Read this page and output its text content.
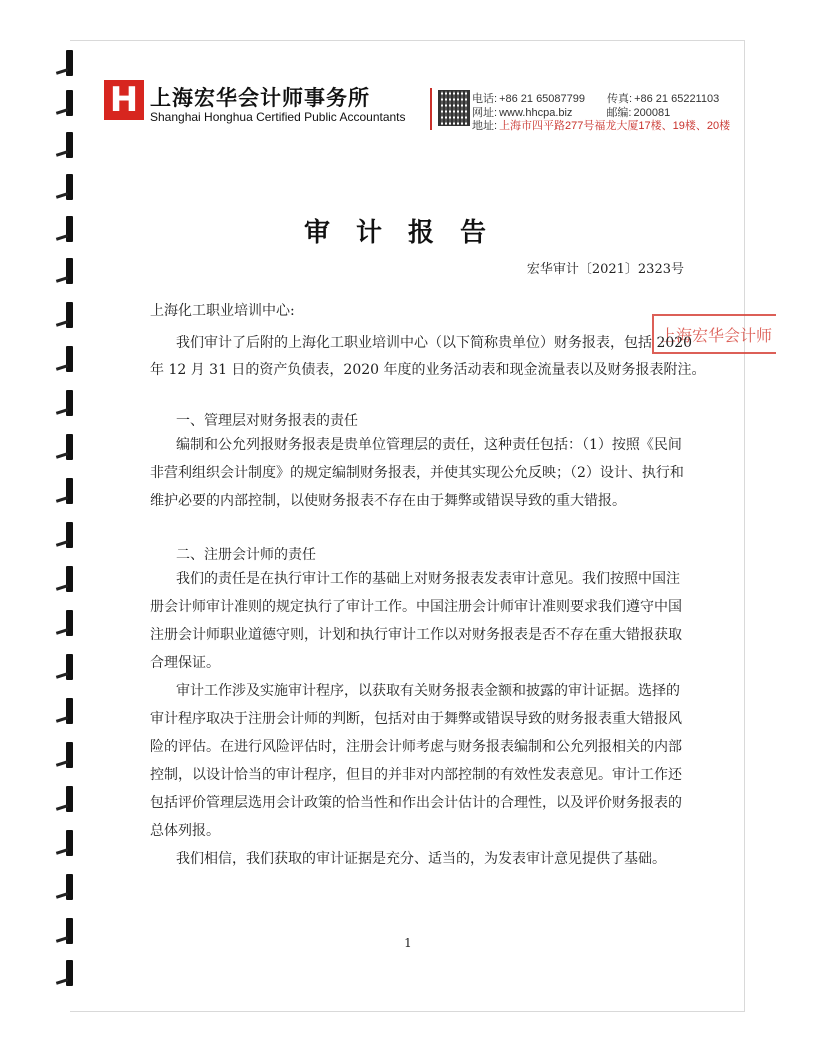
H 上海宏华会计师事务所
Shanghai Honghua Certified Public Accountants
电话: +86 21 65087799 传真: +86 21 65221103
网址: www.hhcpa.biz	邮编: 200081
地址: 上海市四平路277号福龙大厦17楼、19楼、20楼
审计报告
宏华审计〔2021〕2323号
上海宏华会计师
上海化工职业培训中心:
我们审计了后附的上海化工职业培训中心（以下简称贵单位）财务报表，包括 2020
年 12 月 31 日的资产负债表，2020 年度的业务活动表和现金流量表以及财务报表附注。
一、管理层对财务报表的责任
编制和公允列报财务报表是贵单位管理层的责任，这种责任包括：（1）按照《民间
非营利组织会计制度》的规定编制财务报表，并使其实现公允反映；（2）设计、执行和
维护必要的内部控制，以使财务报表不存在由于舞弊或错误导致的重大错报。
二、注册会计师的责任
我们的责任是在执行审计工作的基础上对财务报表发表审计意见。我们按照中国注
册会计师审计准则的规定执行了审计工作。中国注册会计师审计准则要求我们遵守中国
注册会计师职业道德守则，计划和执行审计工作以对财务报表是否不存在重大错报获取
合理保证。
审计工作涉及实施审计程序，以获取有关财务报表金额和披露的审计证据。选择的
审计程序取决于注册会计师的判断，包括对由于舞弊或错误导致的财务报表重大错报风
险的评估。在进行风险评估时，注册会计师考虑与财务报表编制和公允列报相关的内部
控制，以设计恰当的审计程序，但目的并非对内部控制的有效性发表意见。审计工作还
包括评价管理层选用会计政策的恰当性和作出会计估计的合理性，以及评价财务报表的
总体列报。
我们相信，我们获取的审计证据是充分、适当的，为发表审计意见提供了基础。
1
